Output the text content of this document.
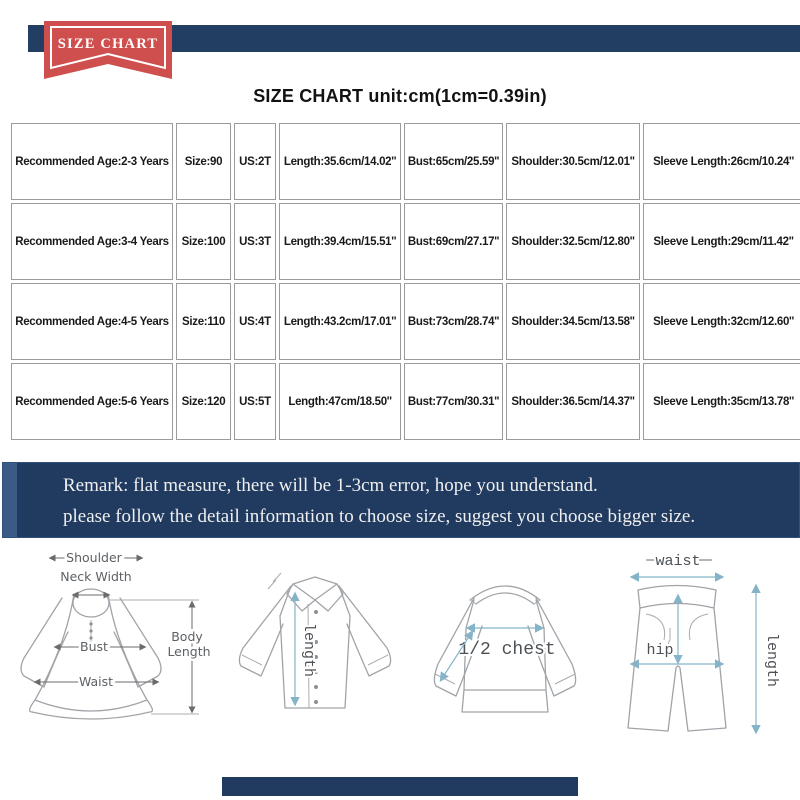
SIZE CHART
SIZE CHART unit:cm(1cm=0.39in)
Recommended Age:2-3 Years	Size:90	US:2T	Length:35.6cm/14.02''	Bust:65cm/25.59''	Shoulder:30.5cm/12.01''	Sleeve Length:26cm/10.24''
Recommended Age:3-4 Years	Size:100	US:3T	Length:39.4cm/15.51''	Bust:69cm/27.17''	Shoulder:32.5cm/12.80''	Sleeve Length:29cm/11.42''
Recommended Age:4-5 Years	Size:110	US:4T	Length:43.2cm/17.01''	Bust:73cm/28.74''	Shoulder:34.5cm/13.58''	Sleeve Length:32cm/12.60''
Recommended Age:5-6 Years	Size:120	US:5T	Length:47cm/18.50''	Bust:77cm/30.31''	Shoulder:36.5cm/14.37''	Sleeve Length:35cm/13.78''
Remark: flat measure, there will be 1-3cm error, hope you understand.
please follow the detail information to choose size, suggest you choose bigger size.
Shoulder
Neck Width
Bust
Waist
Body
Length	length	1/2 chest
waist
hip	length
